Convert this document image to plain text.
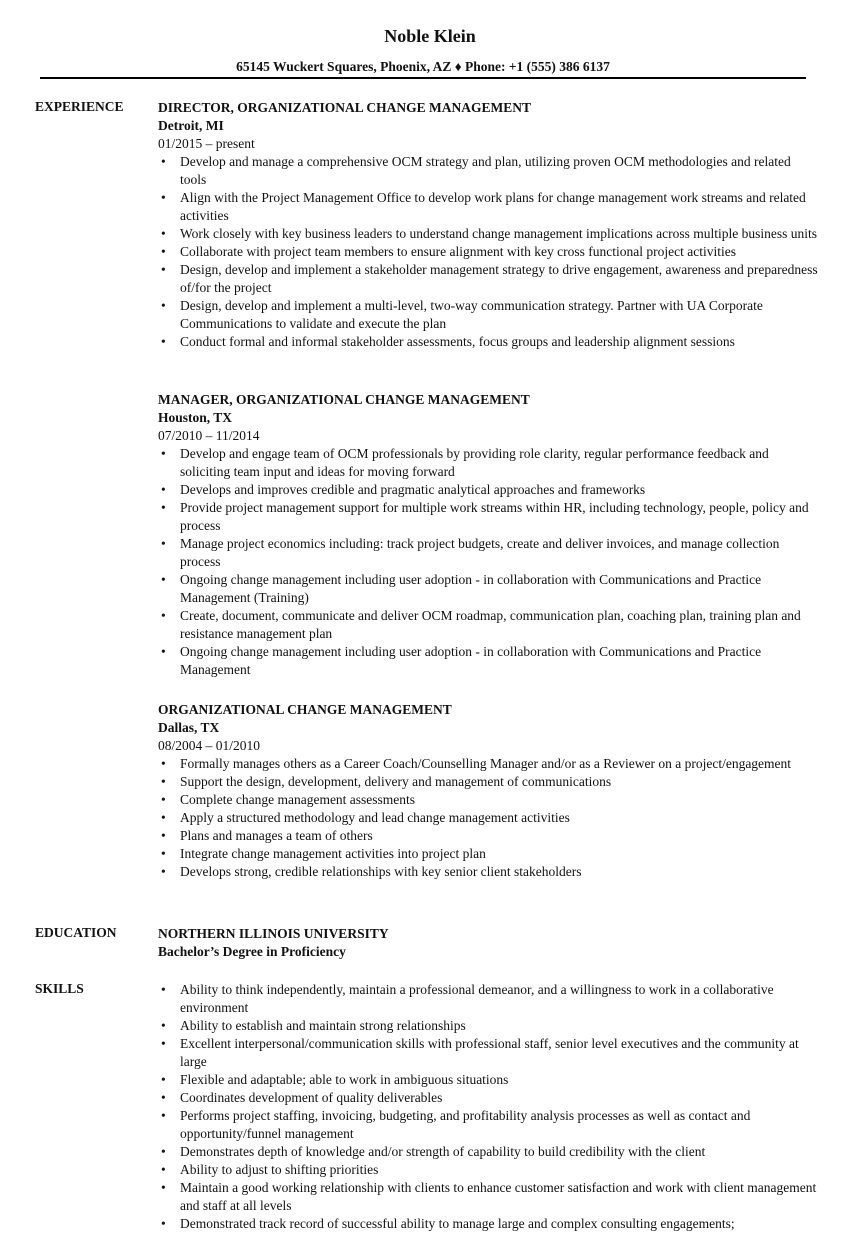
Noble Klein
65145 Wuckert Squares, Phoenix, AZ ♦ Phone: +1 (555) 386 6137
EXPERIENCE	DIRECTOR, ORGANIZATIONAL CHANGE MANAGEMENT
Detroit, MI
01/2015 – present
• Develop and manage a comprehensive OCM strategy and plan, utilizing proven OCM methodologies and related tools
• Align with the Project Management Office to develop work plans for change management work streams and related activities
• Work closely with key business leaders to understand change management implications across multiple business units
• Collaborate with project team members to ensure alignment with key cross functional project activities
• Design, develop and implement a stakeholder management strategy to drive engagement, awareness and preparedness of/for the project
• Design, develop and implement a multi-level, two-way communication strategy. Partner with UA Corporate Communications to validate and execute the plan
• Conduct formal and informal stakeholder assessments, focus groups and leadership alignment sessions
MANAGER, ORGANIZATIONAL CHANGE MANAGEMENT
Houston, TX
07/2010 – 11/2014
• Develop and engage team of OCM professionals by providing role clarity, regular performance feedback and soliciting team input and ideas for moving forward
• Develops and improves credible and pragmatic analytical approaches and frameworks
• Provide project management support for multiple work streams within HR, including technology, people, policy and process
• Manage project economics including: track project budgets, create and deliver invoices, and manage collection process
• Ongoing change management including user adoption - in collaboration with Communications and Practice Management (Training)
• Create, document, communicate and deliver OCM roadmap, communication plan, coaching plan, training plan and resistance management plan
• Ongoing change management including user adoption - in collaboration with Communications and Practice Management
ORGANIZATIONAL CHANGE MANAGEMENT
Dallas, TX
08/2004 – 01/2010
• Formally manages others as a Career Coach/Counselling Manager and/or as a Reviewer on a project/engagement
• Support the design, development, delivery and management of communications
• Complete change management assessments
• Apply a structured methodology and lead change management activities
• Plans and manages a team of others
• Integrate change management activities into project plan
• Develops strong, credible relationships with key senior client stakeholders
EDUCATION	NORTHERN ILLINOIS UNIVERSITY
Bachelor’s Degree in Proficiency
SKILLS	• Ability to think independently, maintain a professional demeanor, and a willingness to work in a collaborative environment
• Ability to establish and maintain strong relationships
• Excellent interpersonal/communication skills with professional staff, senior level executives and the community at large
• Flexible and adaptable; able to work in ambiguous situations
• Coordinates development of quality deliverables
• Performs project staffing, invoicing, budgeting, and profitability analysis processes as well as contact and opportunity/funnel management
• Demonstrates depth of knowledge and/or strength of capability to build credibility with the client
• Ability to adjust to shifting priorities
• Maintain a good working relationship with clients to enhance customer satisfaction and work with client management and staff at all levels
• Demonstrated track record of successful ability to manage large and complex consulting engagements;
